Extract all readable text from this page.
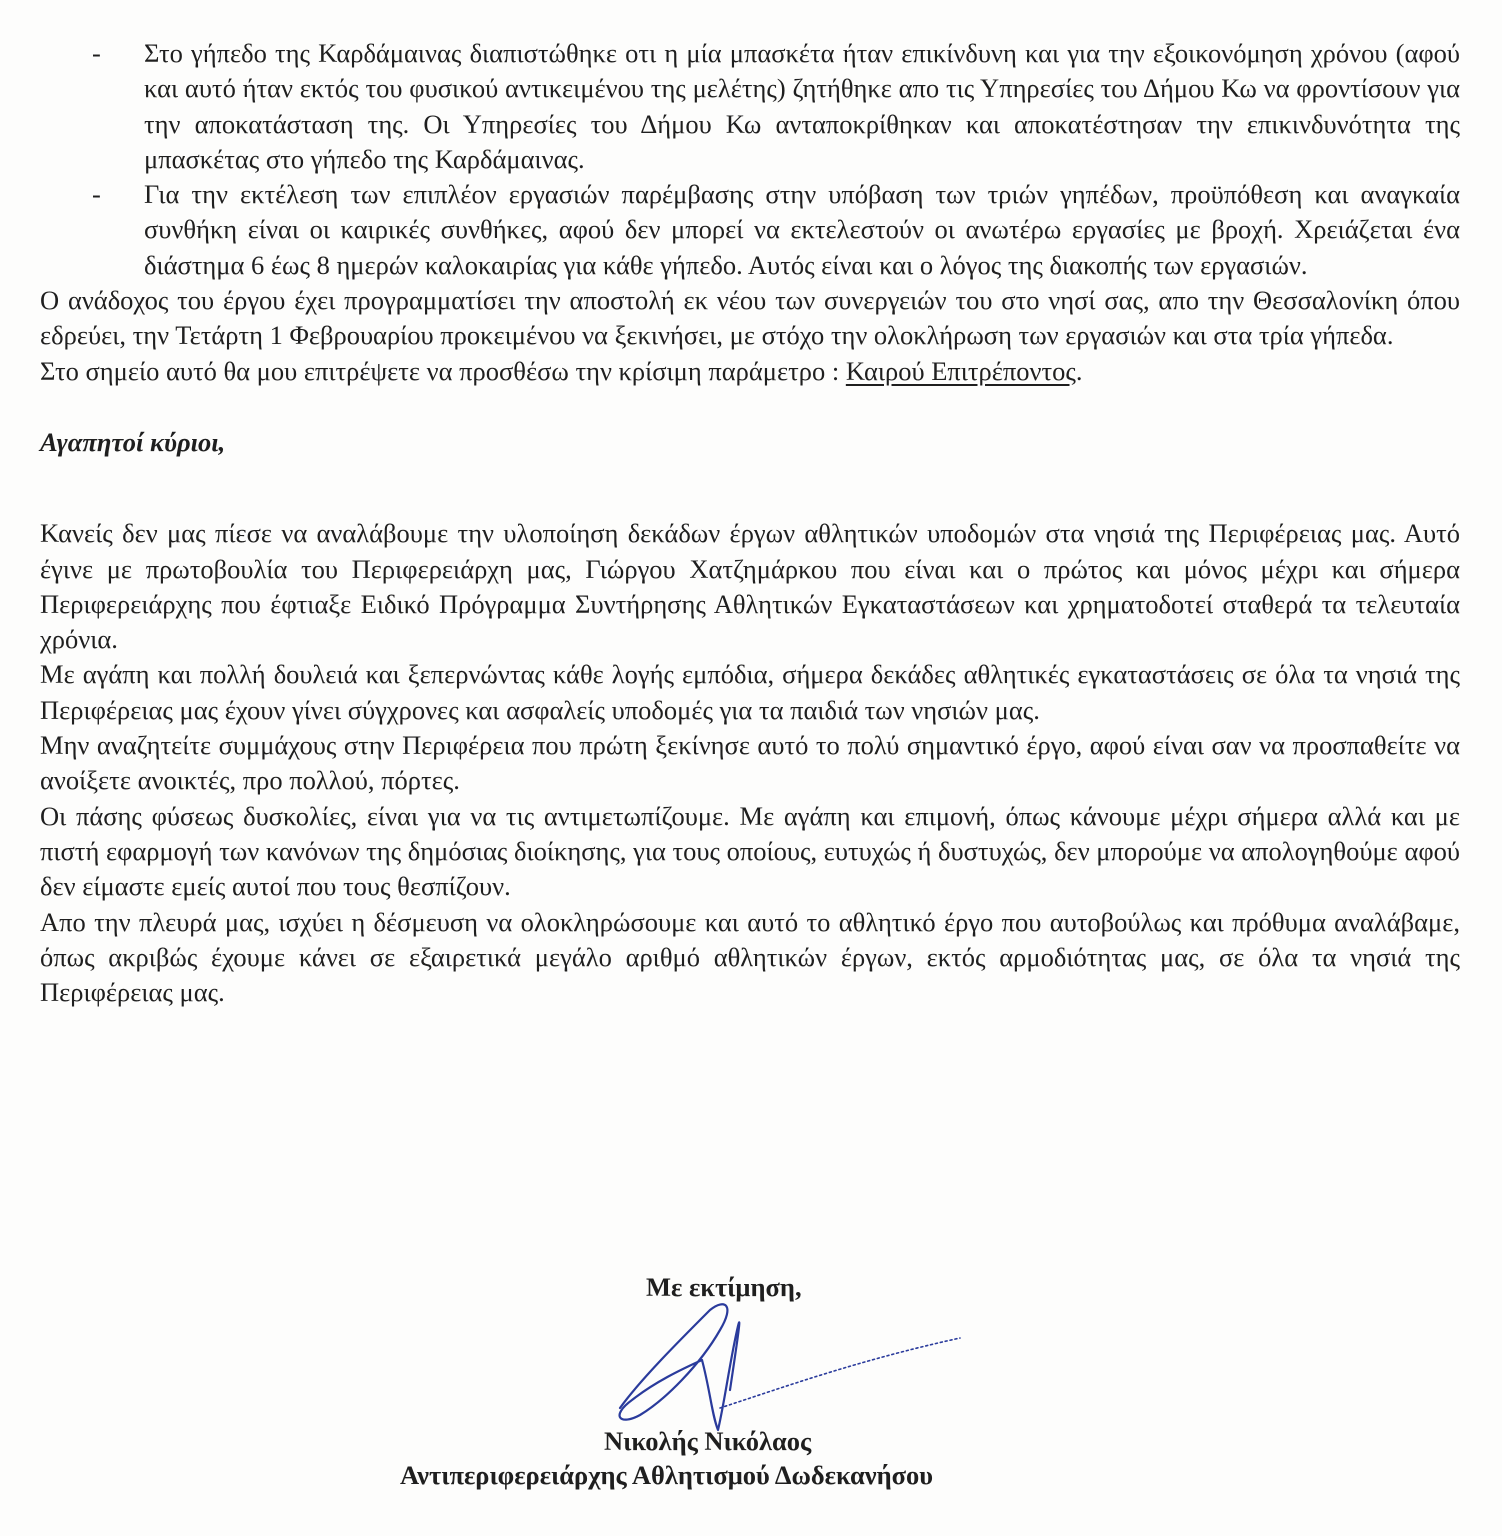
- Στο γήπεδο της Καρδάμαινας διαπιστώθηκε οτι η μία μπασκέτα ήταν επικίνδυνη και για την εξοικονόμηση χρόνου (αφού και αυτό ήταν εκτός του φυσικού αντικειμένου της μελέτης) ζητήθηκε απο τις Υπηρεσίες του Δήμου Κω να φροντίσουν για την αποκατάσταση της. Οι Υπηρεσίες του Δήμου Κω ανταποκρίθηκαν και αποκατέστησαν την επικινδυνότητα της μπασκέτας στο γήπεδο της Καρδάμαινας.
- Για την εκτέλεση των επιπλέον εργασιών παρέμβασης στην υπόβαση των τριών γηπέδων, προϋπόθεση και αναγκαία συνθήκη είναι οι καιρικές συνθήκες, αφού δεν μπορεί να εκτελεστούν οι ανωτέρω εργασίες με βροχή. Χρειάζεται ένα διάστημα 6 έως 8 ημερών καλοκαιρίας για κάθε γήπεδο. Αυτός είναι και ο λόγος της διακοπής των εργασιών.

Ο ανάδοχος του έργου έχει προγραμματίσει την αποστολή εκ νέου των συνεργειών του στο νησί σας, απο την Θεσσαλονίκη όπου εδρεύει, την Τετάρτη 1 Φεβρουαρίου προκειμένου να ξεκινήσει, με στόχο την ολοκλήρωση των εργασιών και στα τρία γήπεδα.

Στο σημείο αυτό θα μου επιτρέψετε να προσθέσω την κρίσιμη παράμετρο : Καιρού Επιτρέποντος.

Αγαπητοί κύριοι,

Κανείς δεν μας πίεσε να αναλάβουμε την υλοποίηση δεκάδων έργων αθλητικών υποδομών στα νησιά της Περιφέρειας μας. Αυτό έγινε με πρωτοβουλία του Περιφερειάρχη μας, Γιώργου Χατζημάρκου που είναι και ο πρώτος και μόνος μέχρι και σήμερα Περιφερειάρχης που έφτιαξε Ειδικό Πρόγραμμα Συντήρησης Αθλητικών Εγκαταστάσεων και χρηματοδοτεί σταθερά τα τελευταία χρόνια.

Με αγάπη και πολλή δουλειά και ξεπερνώντας κάθε λογής εμπόδια, σήμερα δεκάδες αθλητικές εγκαταστάσεις σε όλα τα νησιά της Περιφέρειας μας έχουν γίνει σύγχρονες και ασφαλείς υποδομές για τα παιδιά των νησιών μας.

Μην αναζητείτε συμμάχους στην Περιφέρεια που πρώτη ξεκίνησε αυτό το πολύ σημαντικό έργο, αφού είναι σαν να προσπαθείτε να ανοίξετε ανοικτές, προ πολλού, πόρτες.

Οι πάσης φύσεως δυσκολίες, είναι για να τις αντιμετωπίζουμε. Με αγάπη και επιμονή, όπως κάνουμε μέχρι σήμερα αλλά και με πιστή εφαρμογή των κανόνων της δημόσιας διοίκησης, για τους οποίους, ευτυχώς ή δυστυχώς, δεν μπορούμε να απολογηθούμε αφού δεν είμαστε εμείς αυτοί που τους θεσπίζουν.

Απο την πλευρά μας, ισχύει η δέσμευση να ολοκληρώσουμε και αυτό το αθλητικό έργο που αυτοβούλως και πρόθυμα αναλάβαμε, όπως ακριβώς έχουμε κάνει σε εξαιρετικά μεγάλο αριθμό αθλητικών έργων, εκτός αρμοδιότητας μας, σε όλα τα νησιά της Περιφέρειας μας.

Με εκτίμηση,
Νικολής Νικόλαος
Αντιπεριφερειάρχης Αθλητισμού Δωδεκανήσου
